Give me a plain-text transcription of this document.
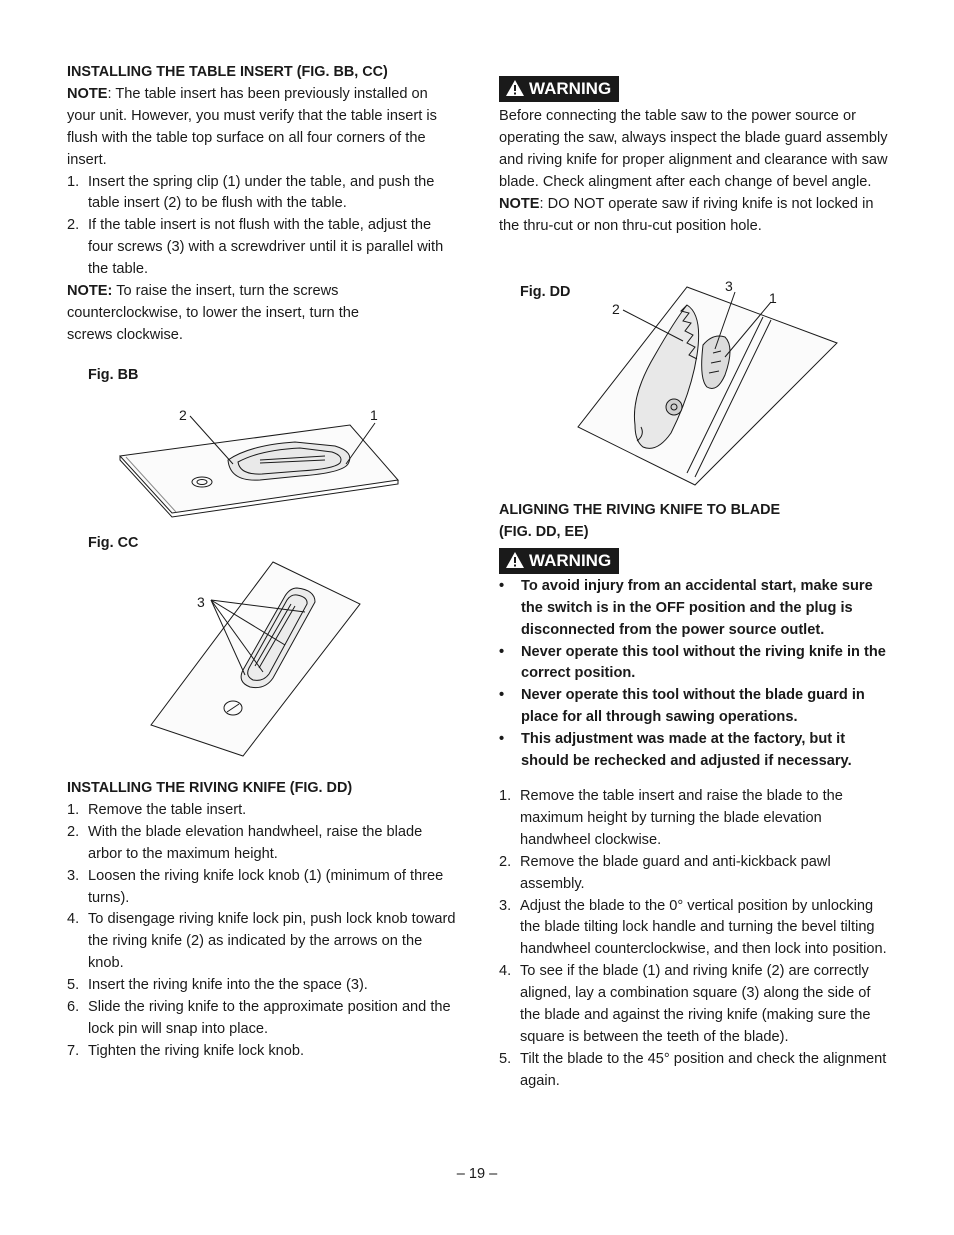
INSTALLING THE TABLE INSERT (FIG. BB, CC)

NOTE: The table insert has been previously installed on your unit. However, you must verify that the table insert is flush with the table top surface on all four corners of the insert.

1. Insert the spring clip (1) under the table, and push the table insert (2) to be flush with the table.
2. If the table insert is not flush with the table, adjust the four screws (3) with a screwdriver until it is parallel with the table.

NOTE: To raise the insert, turn the screws counterclockwise, to lower the insert, turn the screws clockwise.

Fig. BB
2	1
Fig. CC
3

INSTALLING THE RIVING KNIFE (FIG. DD)

1. Remove the table insert.
2. With the blade elevation handwheel, raise the blade arbor to the maximum height.
3. Loosen the riving knife lock knob (1) (minimum of three turns).
4. To disengage riving knife lock pin, push lock knob toward the riving knife (2) as indicated by the arrows on the knob.
5. Insert the riving knife into the the space (3).
6. Slide the riving knife to the approximate position and the lock pin will snap into place.
7. Tighten the riving knife lock knob.
WARNING

Before connecting the table saw to the power source or operating the saw, always inspect the blade guard assembly and riving knife for proper alignment and clearance with saw blade. Check alingment after each change of bevel angle.

NOTE: DO NOT operate saw if riving knife is not locked in the thru-cut or non thru-cut position hole.

Fig. DD	3
2
1

ALIGNING THE RIVING KNIFE TO BLADE

(FIG. DD, EE)

WARNING
• To avoid injury from an accidental start, make sure the switch is in the OFF position and the plug is disconnected from the power source outlet.
• Never operate this tool without the riving knife in the correct position.
• Never operate this tool without the blade guard in place for all through sawing operations.
• This adjustment was made at the factory, but it should be rechecked and adjusted if necessary.
1. Remove the table insert and raise the blade to the maximum height by turning the blade elevation handwheel clockwise.
2. Remove the blade guard and anti-kickback pawl assembly.
3. Adjust the blade to the 0° vertical position by unlocking the blade tilting lock handle and turning the bevel tilting handwheel counterclockwise, and then lock into position.
4. To see if the blade (1) and riving knife (2) are correctly aligned, lay a combination square (3) along the side of the blade and against the riving knife (making sure the square is between the teeth of the blade).
5. Tilt the blade to the 45° position and check the alignment again.
– 19 –
